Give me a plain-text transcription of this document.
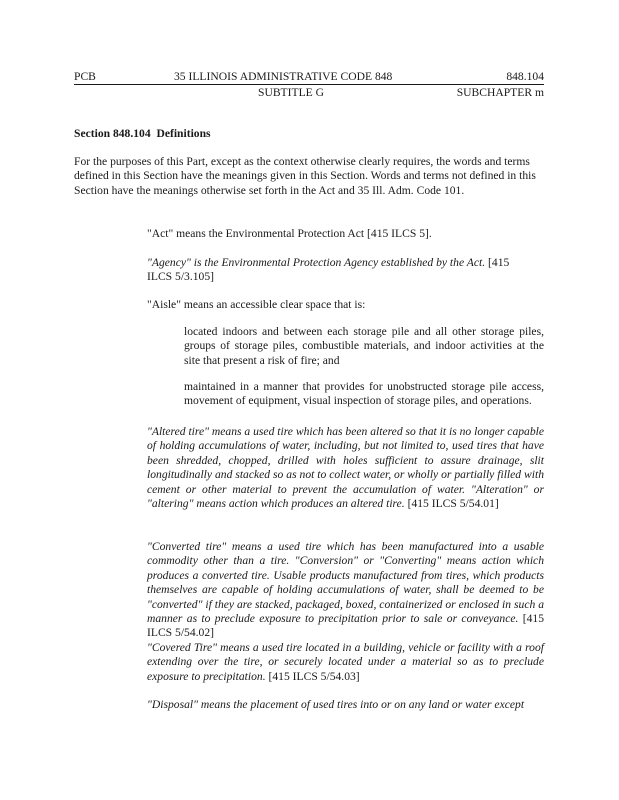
PCB	35 ILLINOIS ADMINISTRATIVE CODE 848	848.104
SUBTITLE G	SUBCHAPTER m
Section 848.104 Definitions

For the purposes of this Part, except as the context otherwise clearly requires, the words and terms defined in this Section have the meanings given in this Section. Words and terms not defined in this Section have the meanings otherwise set forth in the Act and 35 Ill. Adm. Code 101.

"Act" means the Environmental Protection Act [415 ILCS 5].

"Agency" is the Environmental Protection Agency established by the Act. [415 ILCS 5/3.105]

"Aisle" means an accessible clear space that is:

located indoors and between each storage pile and all other storage piles, groups of storage piles, combustible materials, and indoor activities at the site that present a risk of fire; and

maintained in a manner that provides for unobstructed storage pile access, movement of equipment, visual inspection of storage piles, and operations.

"Altered tire" means a used tire which has been altered so that it is no longer capable of holding accumulations of water, including, but not limited to, used tires that have been shredded, chopped, drilled with holes sufficient to assure drainage, slit longitudinally and stacked so as not to collect water, or wholly or partially filled with cement or other material to prevent the accumulation of water. "Alteration" or "altering" means action which produces an altered tire. [415 ILCS 5/54.01]

"Converted tire" means a used tire which has been manufactured into a usable commodity other than a tire. "Conversion" or "Converting" means action which produces a converted tire. Usable products manufactured from tires, which products themselves are capable of holding accumulations of water, shall be deemed to be "converted" if they are stacked, packaged, boxed, containerized or enclosed in such a manner as to preclude exposure to precipitation prior to sale or conveyance. [415 ILCS 5/54.02]

"Covered Tire" means a used tire located in a building, vehicle or facility with a roof extending over the tire, or securely located under a material so as to preclude exposure to precipitation. [415 ILCS 5/54.03]

"Disposal" means the placement of used tires into or on any land or water except
